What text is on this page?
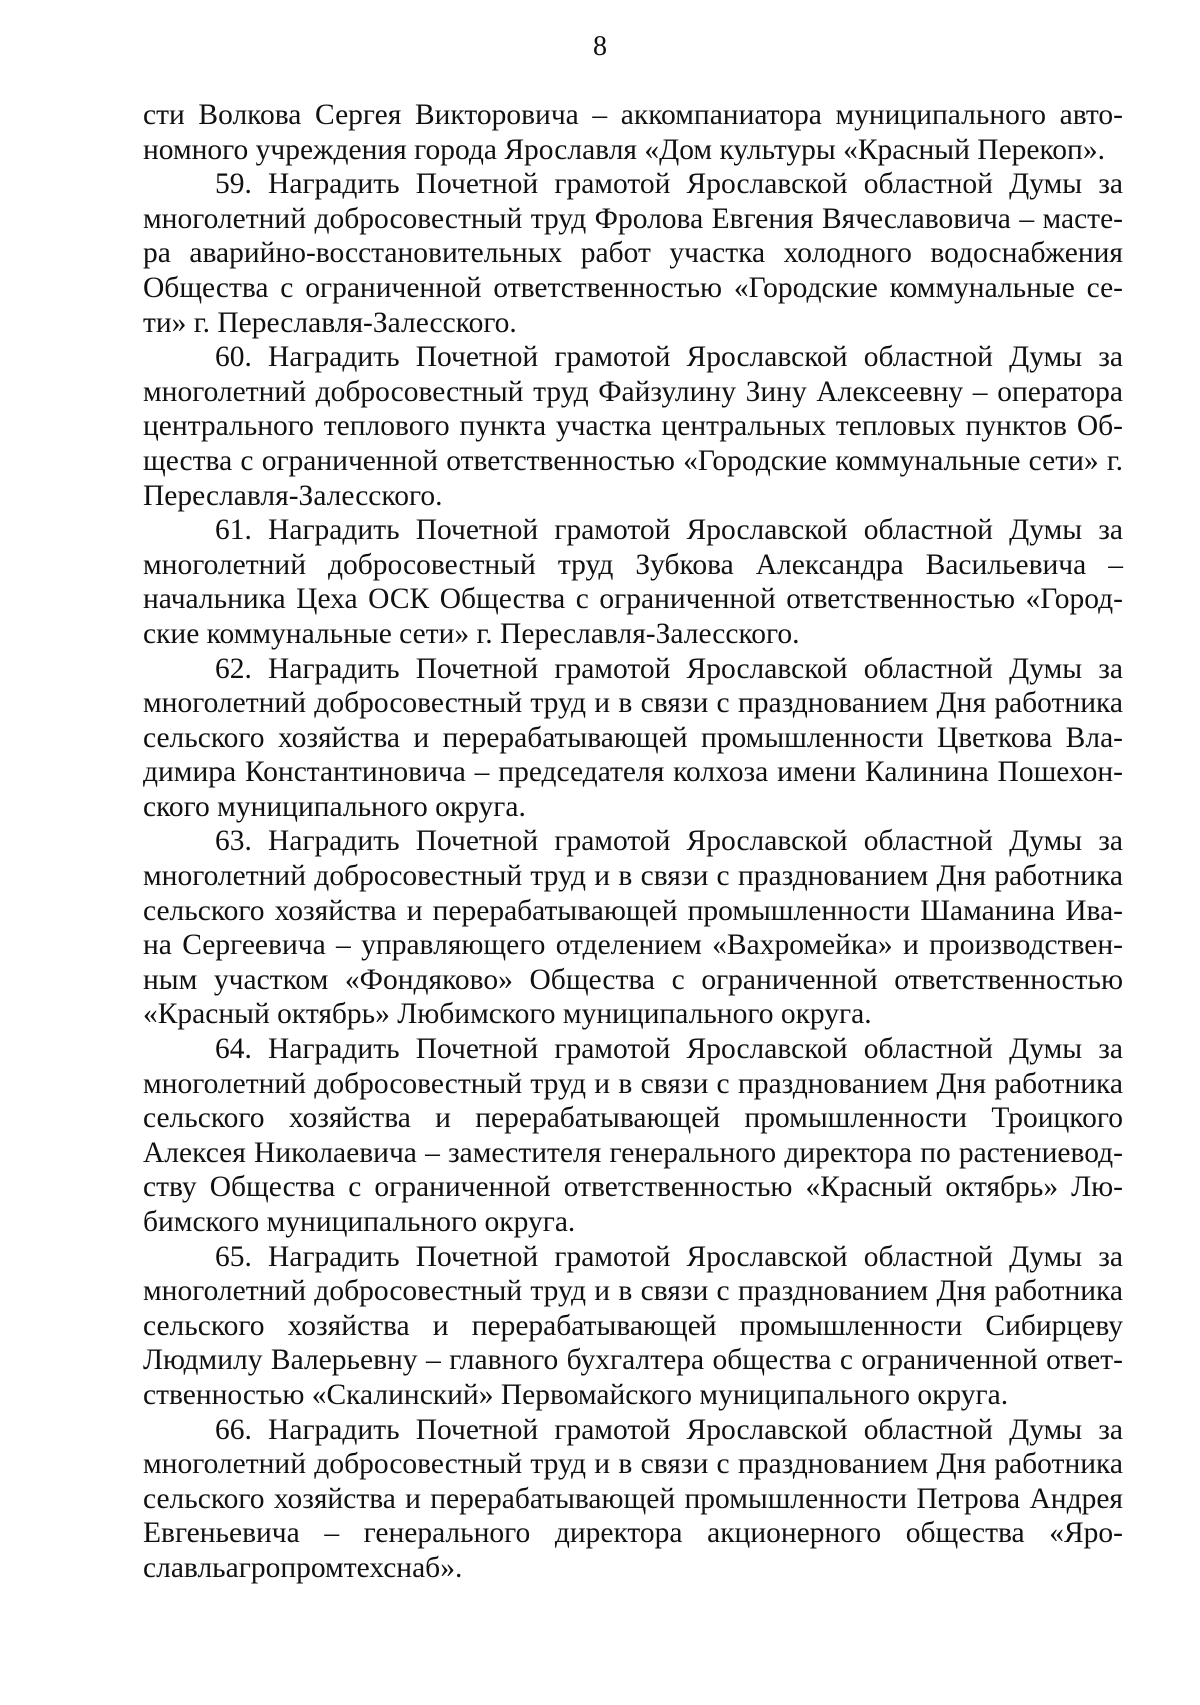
8

сти Волкова Сергея Викторовича – аккомпаниатора муниципального автономного учреждения города Ярославля «Дом культуры «Красный Перекоп».

59. Наградить Почетной грамотой Ярославской областной Думы за многолетний добросовестный труд Фролова Евгения Вячеславовича – мастера аварийно-восстановительных работ участка холодного водоснабжения Общества с ограниченной ответственностью «Городские коммунальные сети» г. Переславля-Залесского.

60. Наградить Почетной грамотой Ярославской областной Думы за многолетний добросовестный труд Файзулину Зину Алексеевну – оператора центрального теплового пункта участка центральных тепловых пунктов Общества с ограниченной ответственностью «Городские коммунальные сети» г. Переславля-Залесского.

61. Наградить Почетной грамотой Ярославской областной Думы за многолетний добросовестный труд Зубкова Александра Васильевича – начальника Цеха ОСК Общества с ограниченной ответственностью «Городские коммунальные сети» г. Переславля-Залесского.

62. Наградить Почетной грамотой Ярославской областной Думы за многолетний добросовестный труд и в связи с празднованием Дня работника сельского хозяйства и перерабатывающей промышленности Цветкова Владимира Константиновича – председателя колхоза имени Калинина Пошехонского муниципального округа.

63. Наградить Почетной грамотой Ярославской областной Думы за многолетний добросовестный труд и в связи с празднованием Дня работника сельского хозяйства и перерабатывающей промышленности Шаманина Ивана Сергеевича – управляющего отделением «Вахромейка» и производственным участком «Фондяково» Общества с ограниченной ответственностью «Красный октябрь» Любимского муниципального округа.

64. Наградить Почетной грамотой Ярославской областной Думы за многолетний добросовестный труд и в связи с празднованием Дня работника сельского хозяйства и перерабатывающей промышленности Троицкого Алексея Николаевича – заместителя генерального директора по растениеводству Общества с ограниченной ответственностью «Красный октябрь» Любимского муниципального округа.

65. Наградить Почетной грамотой Ярославской областной Думы за многолетний добросовестный труд и в связи с празднованием Дня работника сельского хозяйства и перерабатывающей промышленности Сибирцеву Людмилу Валерьевну – главного бухгалтера общества с ограниченной ответственностью «Скалинский» Первомайского муниципального округа.

66. Наградить Почетной грамотой Ярославской областной Думы за многолетний добросовестный труд и в связи с празднованием Дня работника сельского хозяйства и перерабатывающей промышленности Петрова Андрея Евгеньевича – генерального директора акционерного общества «Ярославльагропромтехснаб».
